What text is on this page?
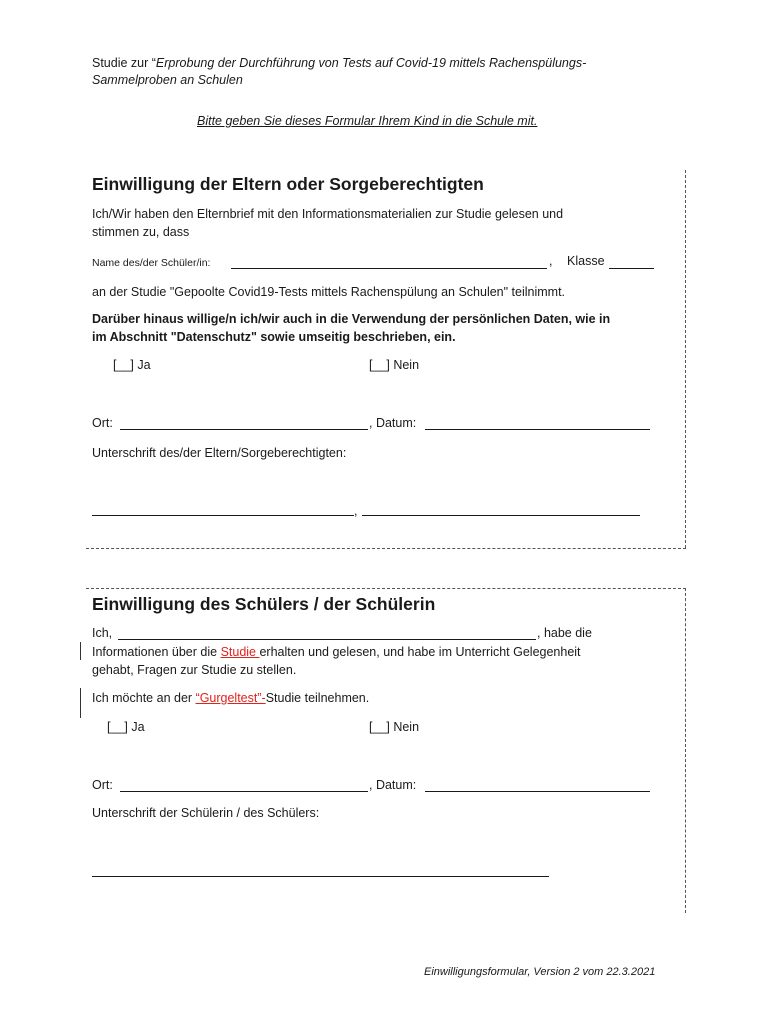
Studie zur “Erprobung der Durchführung von Tests auf Covid-19 mittels Rachenspülungs-
Sammelproben an Schulen
Bitte geben Sie dieses Formular Ihrem Kind in die Schule mit.
Einwilligung der Eltern oder Sorgeberechtigten
Ich/Wir haben den Elternbrief mit den Informationsmaterialien zur Studie gelesen und
stimmen zu, dass
Name des/der Schüler/in:	, Klasse
an der Studie "Gepoolte Covid19-Tests mittels Rachenspülung an Schulen" teilnimmt.
Darüber hinaus willige/n ich/wir auch in die Verwendung der persönlichen Daten, wie in
im Abschnitt "Datenschutz" sowie umseitig beschrieben, ein.
[__] Ja	[__] Nein
Ort:	, Datum:
Unterschrift des/der Eltern/Sorgeberechtigten:
,
Einwilligung des Schülers / der Schülerin
Ich,	, habe die
Informationen über die Studie erhalten und gelesen, und habe im Unterricht Gelegenheit
gehabt, Fragen zur Studie zu stellen.
Ich möchte an der “Gurgeltest”-Studie teilnehmen.
[__] Ja	[__] Nein
Ort:	, Datum:
Unterschrift der Schülerin / des Schülers:
Einwilligungsformular, Version 2 vom 22.3.2021
